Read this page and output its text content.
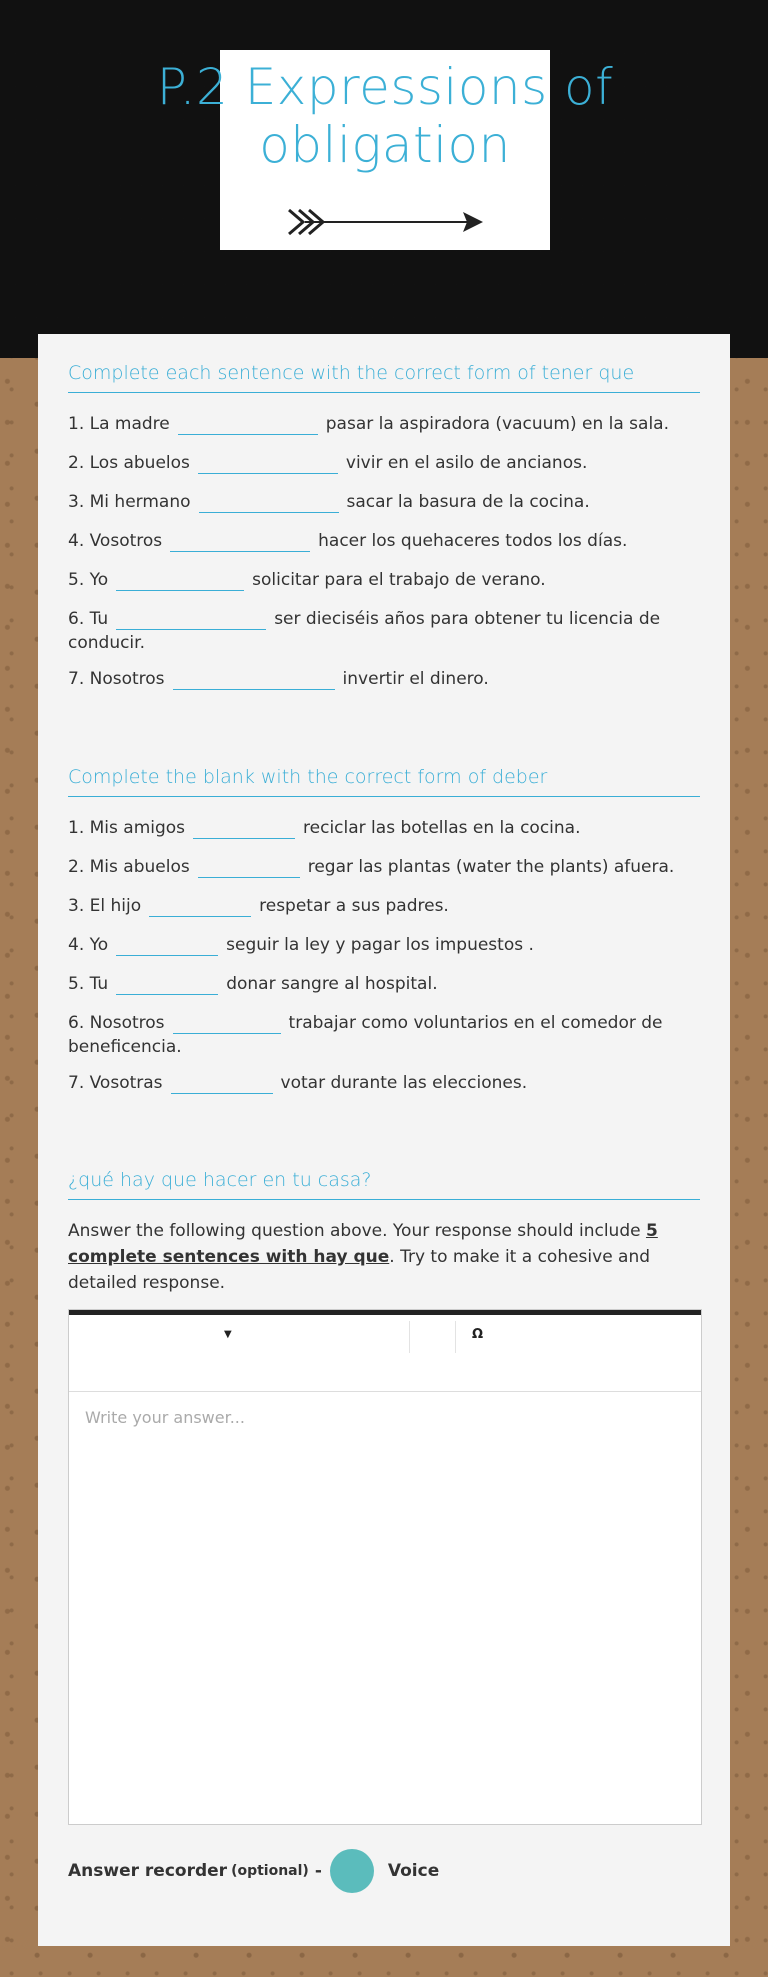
P.2 Expressions of
obligation
Complete each sentence with the correct form of tener que
1. La madre	pasar la aspiradora (vacuum) en la sala.
2. Los abuelos	vivir en el asilo de ancianos.
3. Mi hermano	sacar la basura de la cocina.
4. Vosotros	hacer los quehaceres todos los días.
5. Yo	solicitar para el trabajo de verano.
6. Tu	ser dieciséis años para obtener tu licencia de conducir.
7. Nosotros	invertir el dinero.
Complete the blank with the correct form of deber
1. Mis amigos	reciclar las botellas en la cocina.
2. Mis abuelos	regar las plantas (water the plants) afuera.
3. El hijo	respetar a sus padres.
4. Yo	seguir la ley y pagar los impuestos .
5. Tu	donar sangre al hospital.
6. Nosotros	trabajar como voluntarios en el comedor de beneficencia.
7. Vosotras	votar durante las elecciones.
¿qué hay que hacer en tu casa?
Answer the following question above. Your response should include 5 complete sentences with hay que. Try to make it a cohesive and detailed response.
▼	Ω
Write your answer...
Answer recorder (optional) -	Voice
